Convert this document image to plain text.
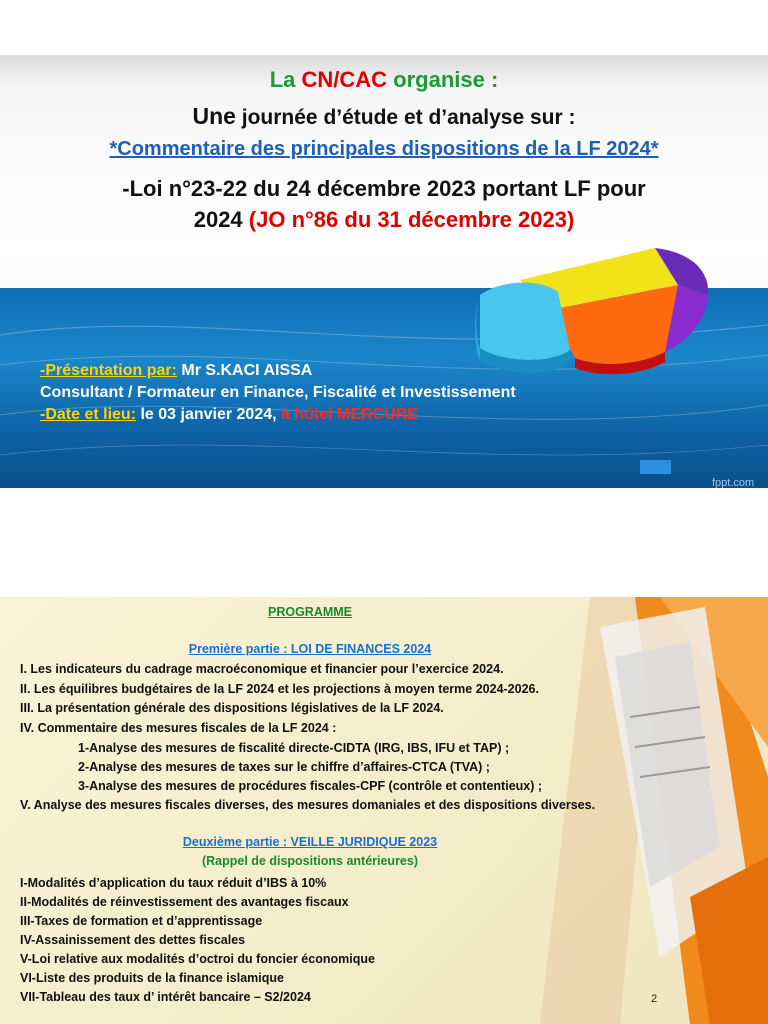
La CN/CAC organise :
Une journée d’étude et d’analyse sur :
*Commentaire des principales dispositions de la LF 2024*
-Loi n°23-22 du 24 décembre 2023 portant LF pour
2024 (JO n°86 du 31 décembre 2023)
-Présentation par: Mr S.KACI AISSA
Consultant / Formateur en Finance, Fiscalité et Investissement
-Date et lieu: le 03 janvier 2024, à hôtel MERCURE
fppt.com
PROGRAMME
Première partie : LOI DE FINANCES 2024
I. Les indicateurs du cadrage macroéconomique et financier pour l’exercice 2024.
II. Les équilibres budgétaires de la LF 2024 et les projections à moyen terme 2024-2026.
III. La présentation générale des dispositions législatives de la LF 2024.
IV. Commentaire des mesures fiscales de la LF 2024 :
1-Analyse des mesures de fiscalité directe-CIDTA (IRG, IBS, IFU et TAP) ;
2-Analyse des mesures de taxes sur le chiffre d’affaires-CTCA (TVA) ;
3-Analyse des mesures de procédures fiscales-CPF (contrôle et contentieux) ;
V. Analyse des mesures fiscales diverses, des mesures domaniales et des dispositions diverses.
Deuxième partie : VEILLE JURIDIQUE 2023
(Rappel de dispositions antérieures)
I-Modalités d’application du taux réduit d’IBS à 10%
II-Modalités de réinvestissement des avantages fiscaux
III-Taxes de formation et d’apprentissage
IV-Assainissement des dettes fiscales
V-Loi relative aux modalités d’octroi du foncier économique
VI-Liste des produits de la finance islamique
VII-Tableau des taux d’ intérêt bancaire – S2/2024	2
